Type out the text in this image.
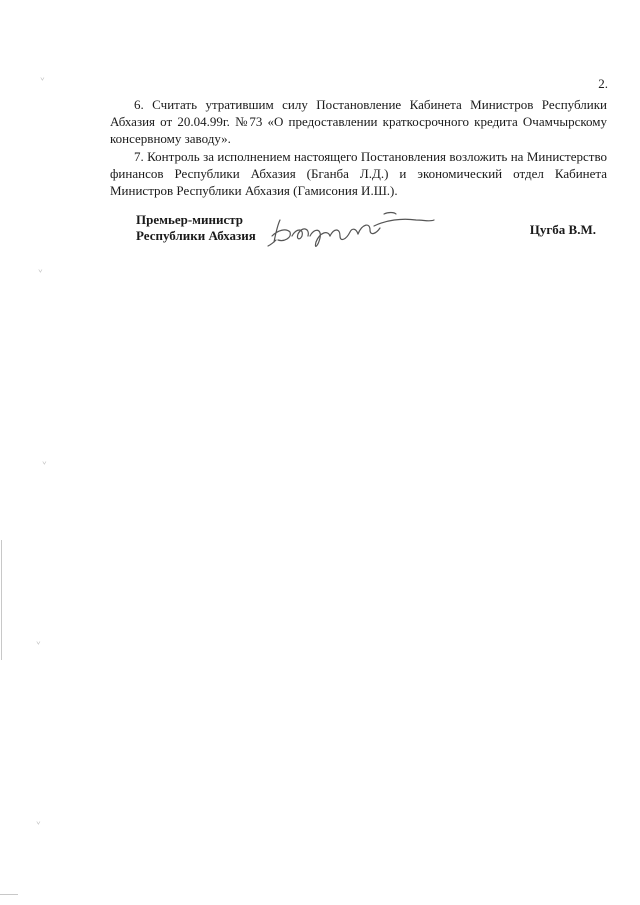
ᘁ
ᘁ
ᘁ
ᘁ
ᘁ
2.

6. Считать утратившим силу Постановление Кабинета Министров Республики Абхазия от 20.04.99г. №73 «О предоставлении краткосрочного кредита Очамчырскому консервному заводу».

7. Контроль за исполнением настоящего Постановления возложить на Министерство финансов Республики Абхазия (Бганба Л.Д.) и экономический отдел Кабинета Министров Республики Абхазия (Гамисония И.Ш.).

Премьер-министр
Республики Абхазия	Цугба В.М.
